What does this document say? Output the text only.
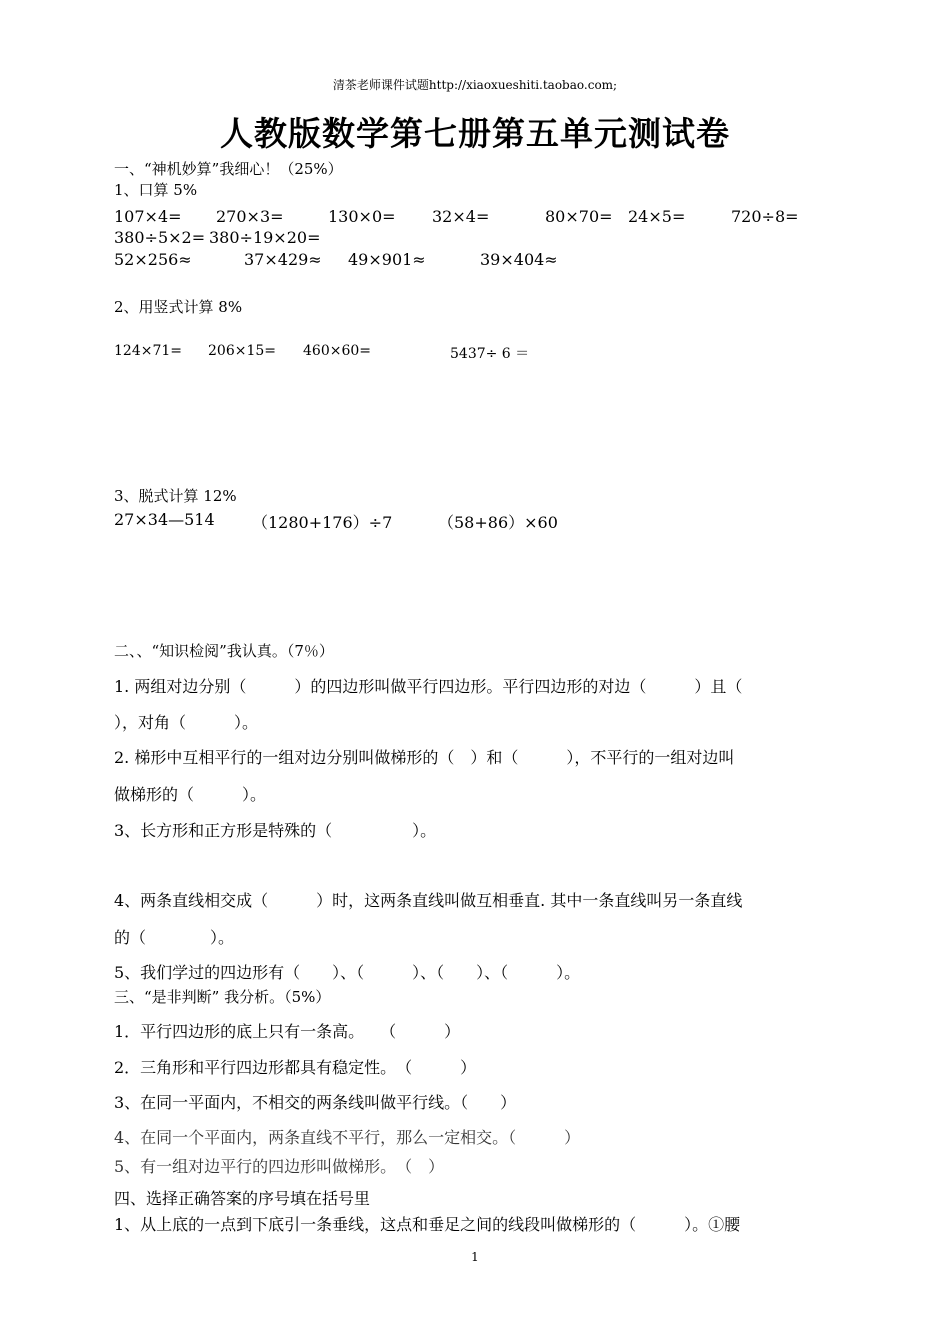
清茶老师课件试题http://xiaoxueshiti.taobao.com;
人教版数学第七册第五单元测试卷
一、“神机妙算”我细心！（25%）
1、口算 5%
107⨯4= 270⨯3=	130⨯0= 32⨯4=	80⨯70= 24⨯5=	720÷8=
380÷5⨯2= 380÷19⨯20=
52⨯256≈	37⨯429≈ 49⨯901≈	39⨯404≈
2、用竖式计算 8%
124⨯71= 206⨯15= 460⨯60=	5437÷ 6 ＝
3、脱式计算 12%
27⨯34—514 （1280+176）÷7	（58+86）⨯60
二、、“知识检阅”我认真。（7％）
1. 两组对边分别（　　　）的四边形叫做平行四边形。平行四边形的对边（　　　）且（
），对角（　　　）。
2. 梯形中互相平行的一组对边分别叫做梯形的（　）和（　　　），不平行的一组对边叫
做梯形的（　　　）。
3、长方形和正方形是特殊的（　　　　　）。
4、两条直线相交成（　　　）时，这两条直线叫做互相垂直. 其中一条直线叫另一条直线
的（　　　　）。
5、我们学过的四边形有（　　）、（　　　）、（　　）、（　　　）。
三、“是非判断” 我分析。（5%）
1．平行四边形的底上只有一条高。　　（　　　）
2．三角形和平行四边形都具有稳定性。　（　　　）
3、在同一平面内，不相交的两条线叫做平行线。（　　）
4、在同一个平面内，两条直线不平行，那么一定相交。（　　　）
5、有一组对边平行的四边形叫做梯形。　（　）
四、选择正确答案的序号填在括号里
1、从上底的一点到下底引一条垂线，这点和垂足之间的线段叫做梯形的（　　　）。①腰
1
